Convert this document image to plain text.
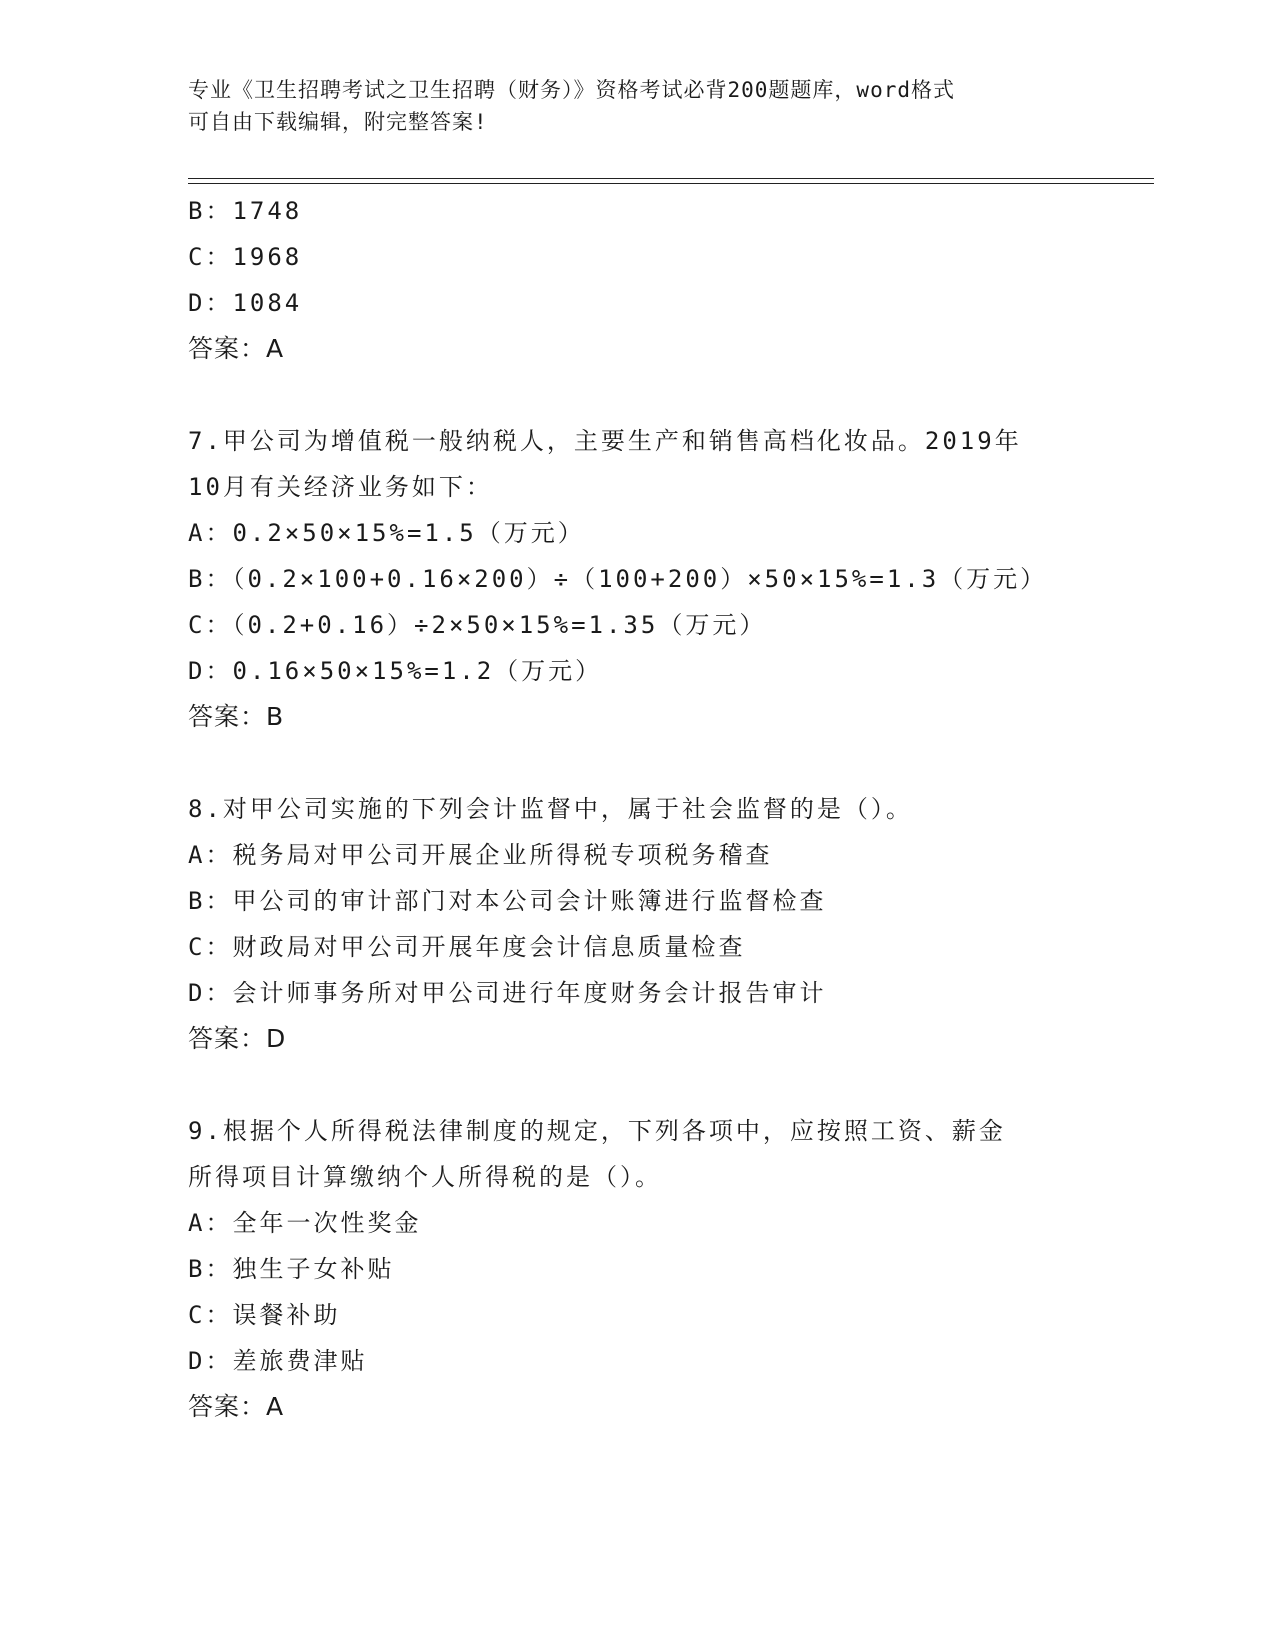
专业《卫生招聘考试之卫生招聘（财务）》资格考试必背200题题库，word格式

可自由下载编辑，附完整答案!

B：1748
C：1968
D：1084
答案：A
7.甲公司为增值税一般纳税人，主要生产和销售高档化妆品。2019年
10月有关经济业务如下：
A：0.2×50×15%=1.5（万元）
B：（0.2×100+0.16×200）÷（100+200）×50×15%=1.3（万元）
C：（0.2+0.16）÷2×50×15%=1.35（万元）
D：0.16×50×15%=1.2（万元）
答案：B
8.对甲公司实施的下列会计监督中，属于社会监督的是（）。
A：税务局对甲公司开展企业所得税专项税务稽查
B：甲公司的审计部门对本公司会计账簿进行监督检查
C：财政局对甲公司开展年度会计信息质量检查
D：会计师事务所对甲公司进行年度财务会计报告审计
答案：D
9.根据个人所得税法律制度的规定，下列各项中，应按照工资、薪金
所得项目计算缴纳个人所得税的是（）。
A：全年一次性奖金
B：独生子女补贴
C：误餐补助
D：差旅费津贴
答案：A
